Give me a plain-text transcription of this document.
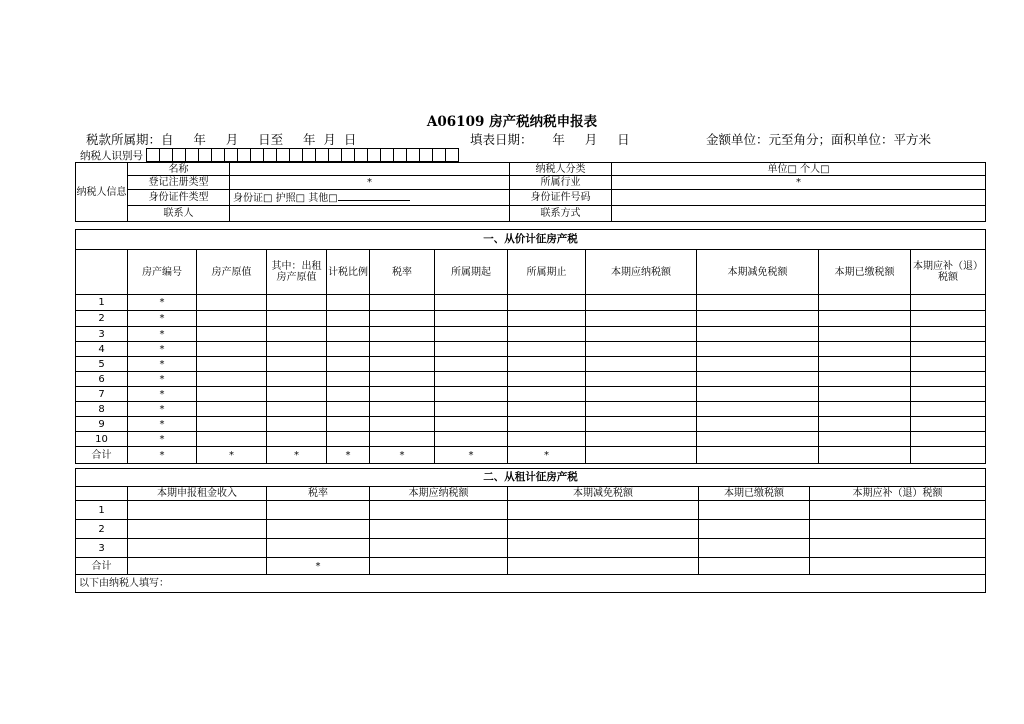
A06109 房产税纳税申报表
税款所属期：自     年     月     日至     年  月  日	填表日期：     年     月     日	金额单位：元至角分；面积单位：平方米
纳税人识别号
纳税人信息	名称		纳税人分类	单位□ 个人□
	登记注册类型	*	所属行业	*
	身份证件类型	身份证□ 护照□ 其他□	身份证件号码	
	联系人		联系方式	
一、从价计征房产税											
	房产编号	房产原值	其中：出租房产原值	计税比例	税率	所属期起	所属期止	本期应纳税额	本期减免税额	本期已缴税额	本期应补（退）税额
1	*										
2	*										
3	*										
4	*										
5	*										
6	*										
7	*										
8	*										
9	*										
10	*										
合计	*	*	*	*	*	*	*				
二、从租计征房产税						
	本期申报租金收入	税率	本期应纳税额	本期减免税额	本期已缴税额	本期应补（退）税额
1						
2						
3						
合计		*				
以下由纳税人填写：						
